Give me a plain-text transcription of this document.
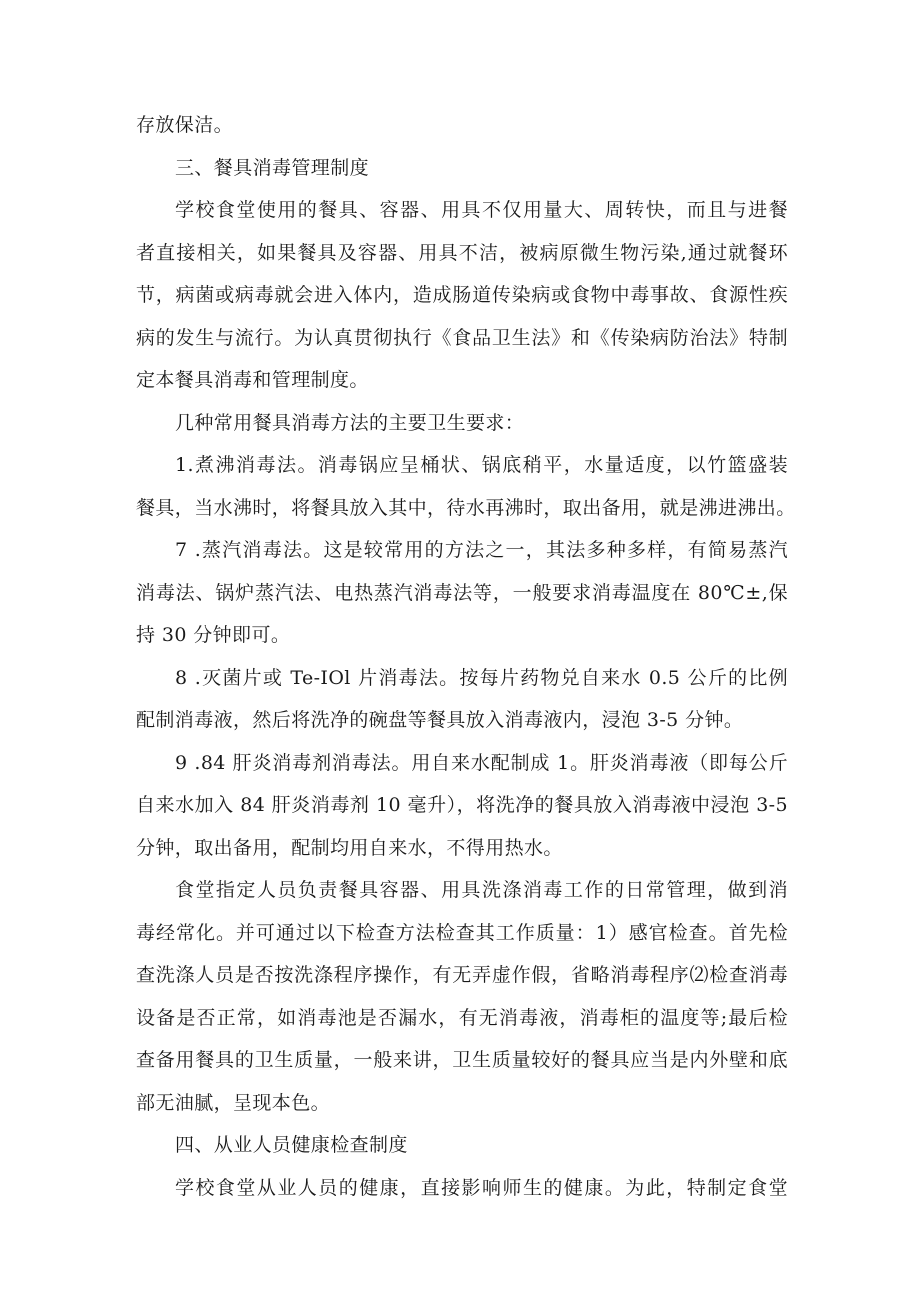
存放保洁。
三、餐具消毒管理制度
学校食堂使用的餐具、容器、用具不仅用量大、周转快，而且与进餐
者直接相关，如果餐具及容器、用具不洁，被病原微生物污染,通过就餐环
节，病菌或病毒就会进入体内，造成肠道传染病或食物中毒事故、食源性疾
病的发生与流行。为认真贯彻执行《食品卫生法》和《传染病防治法》特制
定本餐具消毒和管理制度。
几种常用餐具消毒方法的主要卫生要求：
1.煮沸消毒法。消毒锅应呈桶状、锅底稍平，水量适度，以竹篮盛装
餐具，当水沸时，将餐具放入其中，待水再沸时，取出备用，就是沸进沸出。
7 .蒸汽消毒法。这是较常用的方法之一，其法多种多样，有简易蒸汽
消毒法、锅炉蒸汽法、电热蒸汽消毒法等，一般要求消毒温度在 80℃±,保
持 30 分钟即可。
8 .灭菌片或 Te-IOl 片消毒法。按每片药物兑自来水 0.5 公斤的比例
配制消毒液，然后将洗净的碗盘等餐具放入消毒液内，浸泡 3-5 分钟。
9 .84 肝炎消毒剂消毒法。用自来水配制成 1。肝炎消毒液（即每公斤
自来水加入 84 肝炎消毒剂 10 毫升），将洗净的餐具放入消毒液中浸泡 3-5
分钟，取出备用，配制均用自来水，不得用热水。
食堂指定人员负责餐具容器、用具洗涤消毒工作的日常管理，做到消
毒经常化。并可通过以下检查方法检查其工作质量：1）感官检查。首先检
查洗涤人员是否按洗涤程序操作，有无弄虚作假，省略消毒程序⑵检查消毒
设备是否正常，如消毒池是否漏水，有无消毒液，消毒柜的温度等;最后检
查备用餐具的卫生质量，一般来讲，卫生质量较好的餐具应当是内外壁和底
部无油腻，呈现本色。
四、从业人员健康检查制度
学校食堂从业人员的健康，直接影响师生的健康。为此，特制定食堂
